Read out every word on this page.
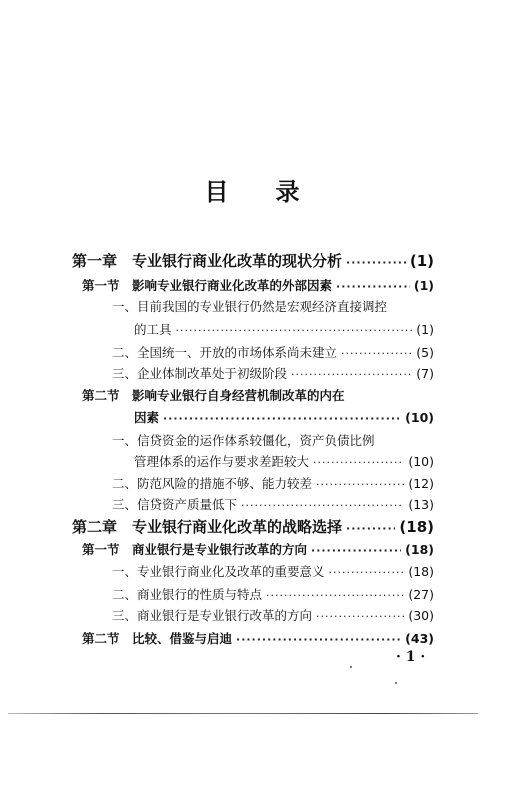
目 录
第一章　专业银行商业化改革的现状分析 ·····	(1)
第一节　影响专业银行商业化改革的外部因素 ·····	(1)
一、目前我国的专业银行仍然是宏观经济直接调控
的工具 ·····	(1)
二、全国统一、开放的市场体系尚未建立 ·····	(5)
三、企业体制改革处于初级阶段 ·····	(7)
第二节　影响专业银行自身经营机制改革的内在
因素 ·····	(10)
一、信贷资金的运作体系较僵化，资产负债比例
管理体系的运作与要求差距较大 ·····	(10)
二、防范风险的措施不够、能力较差 ·····	(12)
三、信贷资产质量低下 ·····	(13)
第二章　专业银行商业化改革的战略选择 ·····	(18)
第一节　商业银行是专业银行改革的方向 ·····	(18)
一、专业银行商业化及改革的重要意义 ·····	(18)
二、商业银行的性质与特点 ·····	(27)
三、商业银行是专业银行改革的方向 ·····	(30)
第二节　比较、借鉴与启迪 ·····	(43)
· 1 ·
